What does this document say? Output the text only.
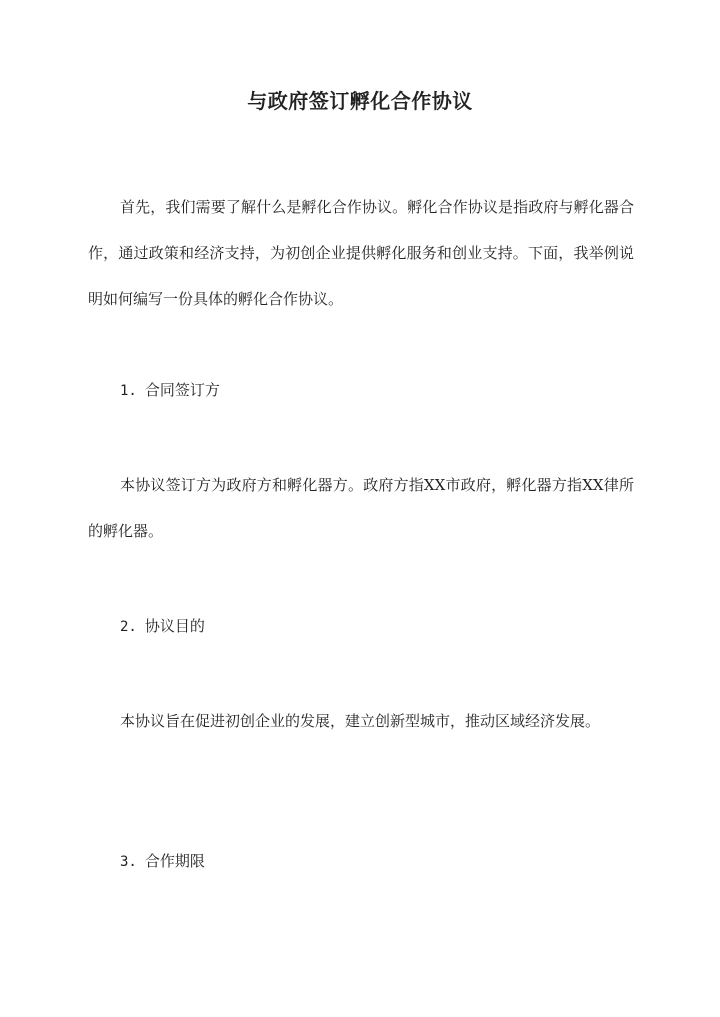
与政府签订孵化合作协议
首先，我们需要了解什么是孵化合作协议。孵化合作协议是指政府与孵化器合作，通过政策和经济支持，为初创企业提供孵化服务和创业支持。下面，我举例说明如何编写一份具体的孵化合作协议。
1. 合同签订方
本协议签订方为政府方和孵化器方。政府方指XX市政府，孵化器方指XX律所的孵化器。
2. 协议目的
本协议旨在促进初创企业的发展，建立创新型城市，推动区域经济发展。
3. 合作期限
